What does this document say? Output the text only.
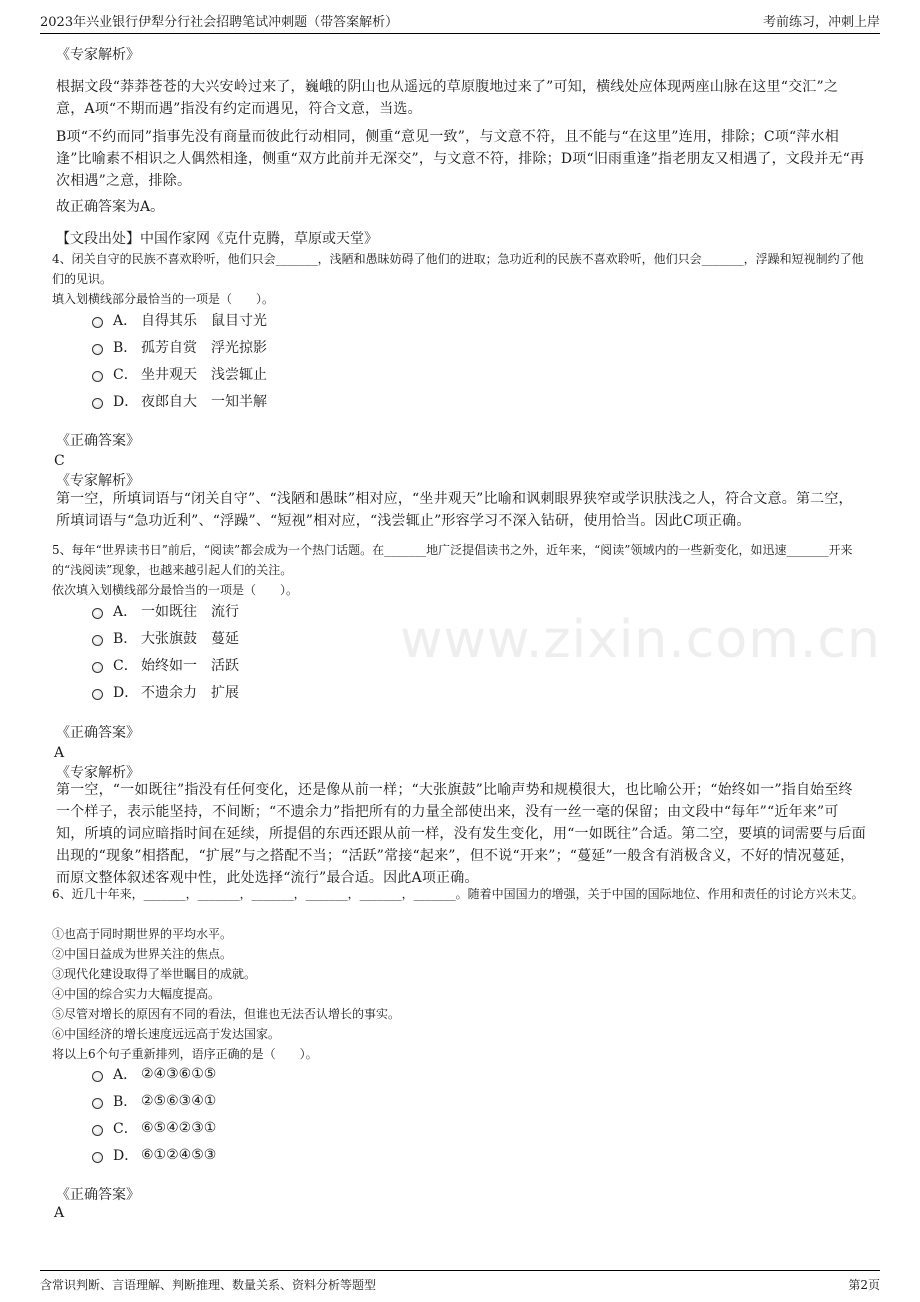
www.zixin.com.cn
2023年兴业银行伊犁分行社会招聘笔试冲刺题（带答案解析）	考前练习，冲刺上岸
《专家解析》
根据文段“莽莽苍苍的大兴安岭过来了，巍峨的阴山也从遥远的草原腹地过来了”可知，横线处应体现两座山脉在这里“交汇”之意，A项“不期而遇”指没有约定而遇见，符合文意，当选。
B项“不约而同”指事先没有商量而彼此行动相同，侧重“意见一致”，与文意不符，且不能与“在这里”连用，排除；C项“萍水相逢”比喻素不相识之人偶然相逢，侧重“双方此前并无深交”，与文意不符，排除；D项“旧雨重逢”指老朋友又相遇了，文段并无“再次相遇”之意，排除。
故正确答案为A。
【文段出处】中国作家网《克什克腾，草原或天堂》
4、闭关自守的民族不喜欢聆听，他们只会_______，浅陋和愚昧妨碍了他们的进取；急功近利的民族不喜欢聆听，他们只会_______，浮躁和短视制约了他们的见识。
填入划横线部分最恰当的一项是（　　）。
A． 自得其乐　鼠目寸光
B． 孤芳自赏　浮光掠影
C． 坐井观天　浅尝辄止
D． 夜郎自大　一知半解
《正确答案》
C
《专家解析》
第一空，所填词语与“闭关自守”、“浅陋和愚昧”相对应，“坐井观天”比喻和讽刺眼界狭窄或学识肤浅之人，符合文意。第二空，所填词语与“急功近利”、“浮躁”、“短视”相对应，“浅尝辄止”形容学习不深入钻研，使用恰当。因此C项正确。
5、每年“世界读书日”前后，“阅读”都会成为一个热门话题。在_______地广泛提倡读书之外，近年来，“阅读”领域内的一些新变化，如迅速_______开来的“浅阅读”现象，也越来越引起人们的关注。
依次填入划横线部分最恰当的一项是（　　）。
A． 一如既往　流行
B． 大张旗鼓　蔓延
C． 始终如一　活跃
D． 不遗余力　扩展
《正确答案》
A
《专家解析》
第一空，“一如既往”指没有任何变化，还是像从前一样；“大张旗鼓”比喻声势和规模很大，也比喻公开；“始终如一”指自始至终一个样子，表示能坚持，不间断；“不遗余力”指把所有的力量全部使出来，没有一丝一毫的保留；由文段中“每年”“近年来”可知，所填的词应暗指时间在延续，所提倡的东西还跟从前一样，没有发生变化，用“一如既往”合适。第二空，要填的词需要与后面出现的“现象”相搭配，“扩展”与之搭配不当；“活跃”常接“起来”，但不说“开来”；“蔓延”一般含有消极含义，不好的情况蔓延，而原文整体叙述客观中性，此处选择“流行”最合适。因此A项正确。
6、近几十年来，_______，_______，_______，_______，_______，_______。随着中国国力的增强，关于中国的国际地位、作用和责任的讨论方兴未艾。
①也高于同时期世界的平均水平。
②中国日益成为世界关注的焦点。
③现代化建设取得了举世瞩目的成就。
④中国的综合实力大幅度提高。
⑤尽管对增长的原因有不同的看法，但谁也无法否认增长的事实。
⑥中国经济的增长速度远远高于发达国家。
将以上6个句子重新排列，语序正确的是（　　）。
A． ②④③⑥①⑤
B． ②⑤⑥③④①
C． ⑥⑤④②③①
D． ⑥①②④⑤③
《正确答案》
A
含常识判断、言语理解、判断推理、数量关系、资料分析等题型	第2页
